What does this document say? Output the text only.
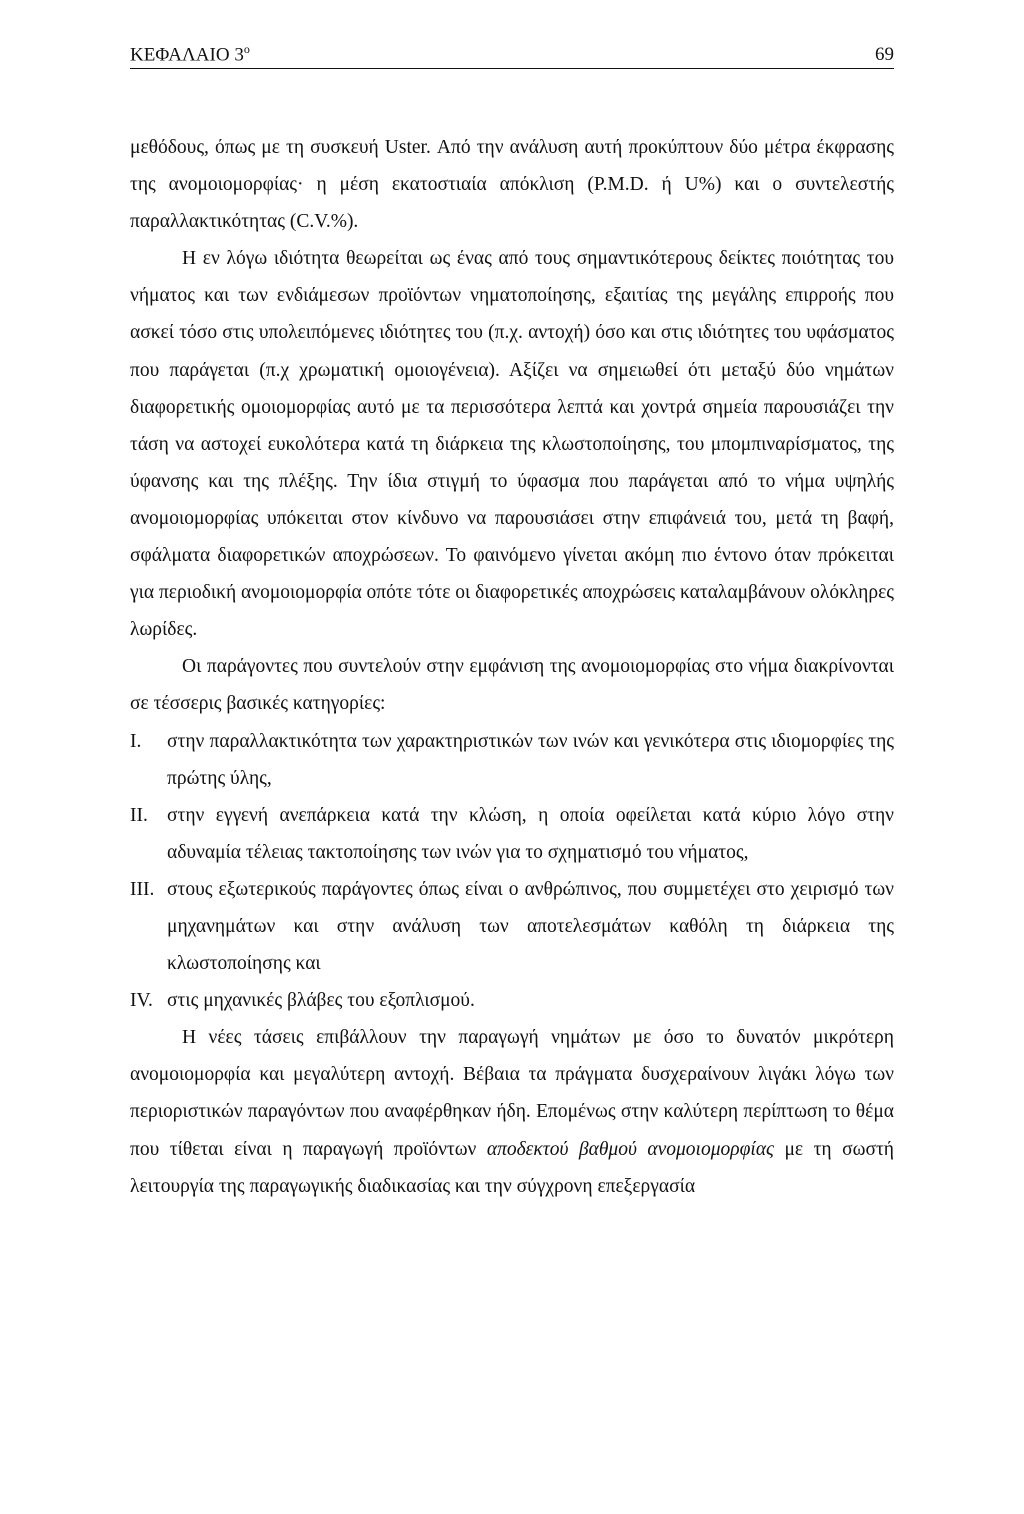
ΚΕΦΑΛΑΙΟ $3^o$	69

μεθόδους, όπως με τη συσκευή Uster. Από την ανάλυση αυτή προκύπτουν δύο μέτρα έκφρασης της ανομοιομορφίας· η μέση εκατοστιαία απόκλιση (Ρ.Μ.D. ή U%) και ο συντελεστής παραλλακτικότητας (C.V.%).

Η εν λόγω ιδιότητα θεωρείται ως ένας από τους σημαντικότερους δείκτες ποιότητας του νήματος και των ενδιάμεσων προϊόντων νηματοποίησης, εξαιτίας της μεγάλης επιρροής που ασκεί τόσο στις υπολειπόμενες ιδιότητες του (π.χ. αντοχή) όσο και στις ιδιότητες του υφάσματος που παράγεται (π.χ χρωματική ομοιογένεια). Αξίζει να σημειωθεί ότι μεταξύ δύο νημάτων διαφορετικής ομοιομορφίας αυτό με τα περισσότερα λεπτά και χοντρά σημεία παρουσιάζει την τάση να αστοχεί ευκολότερα κατά τη διάρκεια της κλωστοποίησης, του μπομπιναρίσματος, της ύφανσης και της πλέξης. Την ίδια στιγμή το ύφασμα που παράγεται από το νήμα υψηλής ανομοιομορφίας υπόκειται στον κίνδυνο να παρουσιάσει στην επιφάνειά του, μετά τη βαφή, σφάλματα διαφορετικών αποχρώσεων. Το φαινόμενο γίνεται ακόμη πιο έντονο όταν πρόκειται για περιοδική ανομοιομορφία οπότε τότε οι διαφορετικές αποχρώσεις καταλαμβάνουν ολόκληρες λωρίδες.

Οι παράγοντες που συντελούν στην εμφάνιση της ανομοιομορφίας στο νήμα διακρίνονται σε τέσσερις βασικές κατηγορίες:

I.	στην παραλλακτικότητα των χαρακτηριστικών των ινών και γενικότερα στις ιδιομορφίες της πρώτης ύλης,
II. στην εγγενή ανεπάρκεια κατά την κλώση, η οποία οφείλεται κατά κύριο λόγο στην αδυναμία τέλειας τακτοποίησης των ινών για το σχηματισμό του νήματος,
III. στους εξωτερικούς παράγοντες όπως είναι ο ανθρώπινος, που συμμετέχει στο χειρισμό των μηχανημάτων και στην ανάλυση των αποτελεσμάτων καθόλη τη διάρκεια της κλωστοποίησης και
IV. στις μηχανικές βλάβες του εξοπλισμού.

Η νέες τάσεις επιβάλλουν την παραγωγή νημάτων με όσο το δυνατόν μικρότερη ανομοιομορφία και μεγαλύτερη αντοχή. Βέβαια τα πράγματα δυσχεραίνουν λιγάκι λόγω των περιοριστικών παραγόντων που αναφέρθηκαν ήδη. Επομένως στην καλύτερη περίπτωση το θέμα που τίθεται είναι η παραγωγή προϊόντων αποδεκτού βαθμού ανομοιομορφίας με τη σωστή λειτουργία της παραγωγικής διαδικασίας και την σύγχρονη επεξεργασία
